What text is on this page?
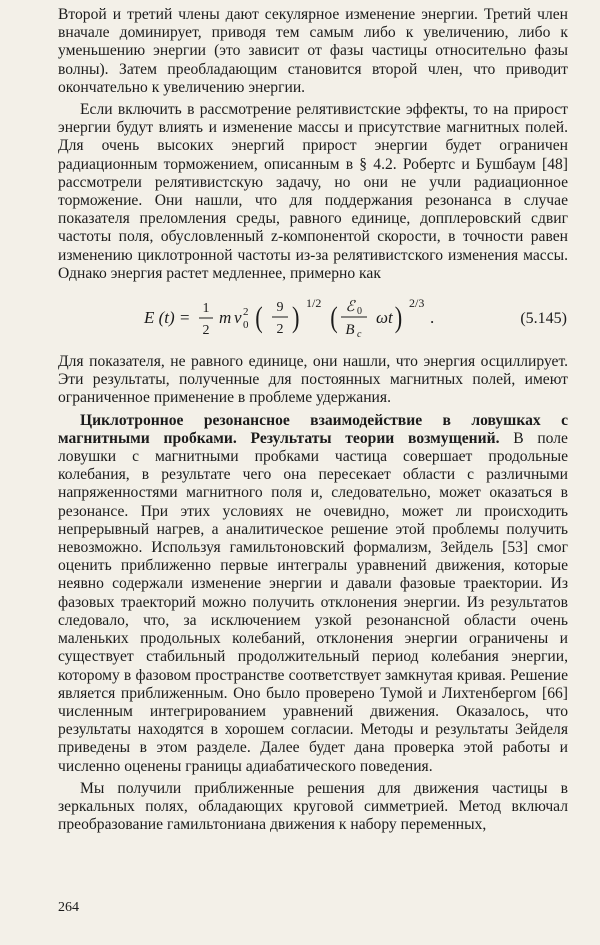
Второй и третий члены дают секулярное изменение энергии. Третий член вначале доминирует, приводя тем самым либо к увеличению, либо к уменьшению энергии (это зависит от фазы частицы относительно фазы волны). Затем преобладающим становится второй член, что приводит окончательно к увеличению энергии.

Если включить в рассмотрение релятивистские эффекты, то на прирост энергии будут влиять и изменение массы и присутствие магнитных полей. Для очень высоких энергий прирост энергии будет ограничен радиационным торможением, описанным в § 4.2. Робертс и Бушбаум [48] рассмотрели релятивистскую задачу, но они не учли радиационное торможение. Они нашли, что для поддержания резонанса в случае показателя преломления среды, равного единице, допплеровский сдвиг частоты поля, обусловленный z-компонентой скорости, в точности равен изменению циклотронной частоты из-за релятивистского изменения массы. Однако энергия растет медленнее, примерно как

E (t) = 1
2
m v 2
0 ( 9
2 ) 1/2 ( ℰ 0
B c
ωt ) 2/3
.	(5.145)

Для показателя, не равного единице, они нашли, что энергия осциллирует. Эти результаты, полученные для постоянных магнитных полей, имеют ограниченное применение в проблеме удержания.

Циклотронное резонансное взаимодействие в ловушках с магнитными пробками. Результаты теории возмущений. В поле ловушки с магнитными пробками частица совершает продольные колебания, в результате чего она пересекает области с различными напряженностями магнитного поля и, следовательно, может оказаться в резонансе. При этих условиях не очевидно, может ли происходить непрерывный нагрев, а аналитическое решение этой проблемы получить невозможно. Используя гамильтоновский формализм, Зейдель [53] смог оценить приближенно первые интегралы уравнений движения, которые неявно содержали изменение энергии и давали фазовые траектории. Из фазовых траекторий можно получить отклонения энергии. Из результатов следовало, что, за исключением узкой резонансной области очень маленьких продольных колебаний, отклонения энергии ограничены и существует стабильный продолжительный период колебания энергии, которому в фазовом пространстве соответствует замкнутая кривая. Решение является приближенным. Оно было проверено Тумой и Лихтенбергом [66] численным интегрированием уравнений движения. Оказалось, что результаты находятся в хорошем согласии. Методы и результаты Зейделя приведены в этом разделе. Далее будет дана проверка этой работы и численно оценены границы адиабатического поведения.

Мы получили приближенные решения для движения частицы в зеркальных полях, обладающих круговой симметрией. Метод включал преобразование гамильтониана движения к набору переменных,

264
